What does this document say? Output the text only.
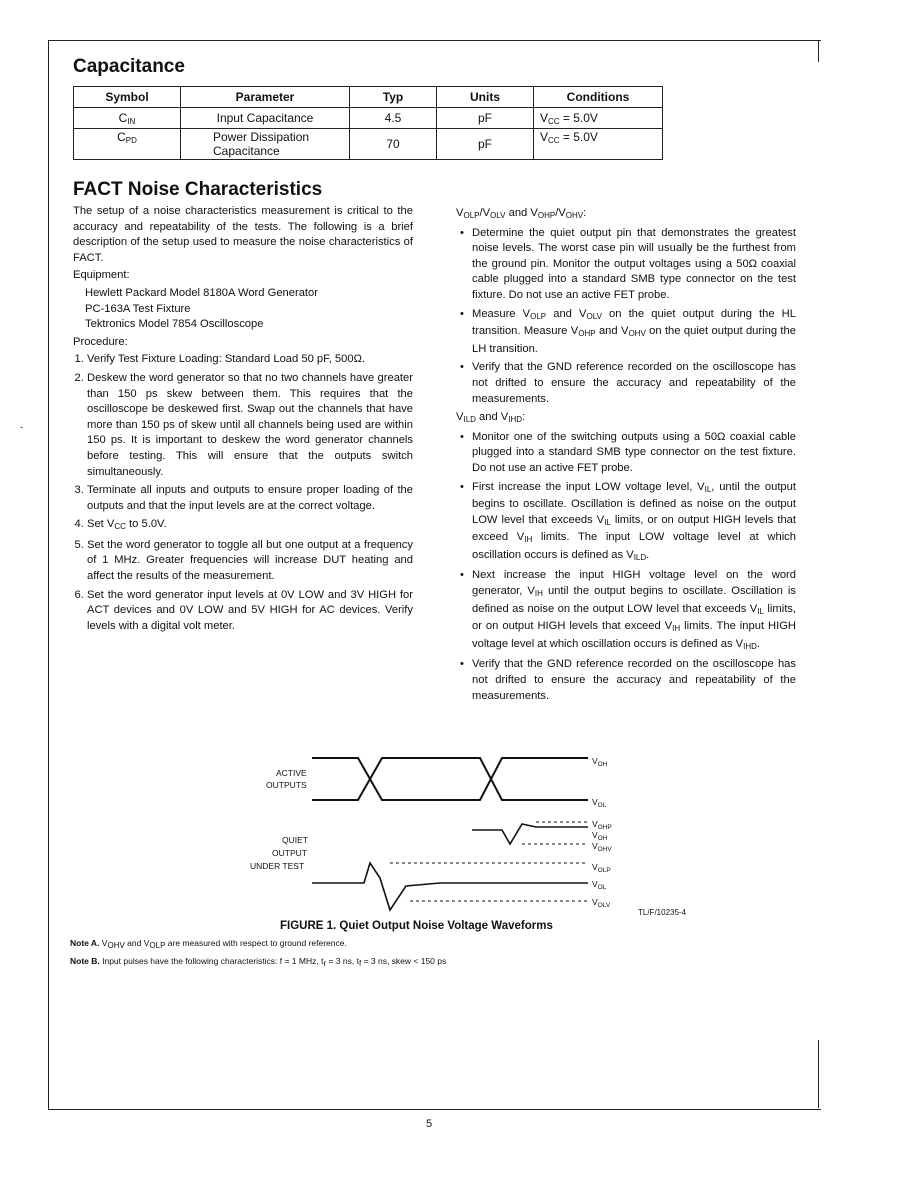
-
Capacitance
Symbol	Parameter	Typ	Units	Conditions
$C_{IN}$	Input Capacitance	4.5	pF	$V_{CC} = 5.0V$
$C_{PD}$	Power Dissipation
Capacitance	70	pF	$V_{CC} = 5.0V$
FACT Noise Characteristics

The setup of a noise characteristics measurement is critical to the accuracy and repeatability of the tests. The following is a brief description of the setup used to measure the noise characteristics of FACT.

Equipment:

Hewlett Packard Model 8180A Word Generator

PC-163A Test Fixture

Tektronics Model 7854 Oscilloscope

Procedure:

1. Verify Test Fixture Loading: Standard Load 50 pF, 500Ω.
2. Deskew the word generator so that no two channels have greater than 150 ps skew between them. This requires that the oscilloscope be deskewed first. Swap out the channels that have more than 150 ps of skew until all channels being used are within 150 ps. It is important to deskew the word generator channels before testing. This will ensure that the outputs switch simultaneously.
3. Terminate all inputs and outputs to ensure proper loading of the outputs and that the input levels are at the correct voltage.
4. Set $V_{CC}$ to 5.0V.
5. Set the word generator to toggle all but one output at a frequency of 1 MHz. Greater frequencies will increase DUT heating and affect the results of the measurement.
6. Set the word generator input levels at 0V LOW and 3V HIGH for ACT devices and 0V LOW and 5V HIGH for AC devices. Verify levels with a digital volt meter.

$V_{OLP}/V_{OLV}$ and $V_{OHP}/V_{OHV}$:

• Determine the quiet output pin that demonstrates the greatest noise levels. The worst case pin will usually be the furthest from the ground pin. Monitor the output voltages using a 50Ω coaxial cable plugged into a standard SMB type connector on the test fixture. Do not use an active FET probe.
• Measure $V_{OLP}$ and $V_{OLV}$ on the quiet output during the HL transition. Measure $V_{OHP}$ and $V_{OHV}$ on the quiet output during the LH transition.
• Verify that the GND reference recorded on the oscilloscope has not drifted to ensure the accuracy and repeatability of the measurements.

$V_{ILD}$ and $V_{IHD}$:

• Monitor one of the switching outputs using a 50Ω coaxial cable plugged into a standard SMB type connector on the test fixture. Do not use an active FET probe.
• First increase the input LOW voltage level, $V_{IL}$, until the output begins to oscillate. Oscillation is defined as noise on the output LOW level that exceeds $V_{IL}$ limits, or on output HIGH levels that exceed $V_{IH}$ limits. The input LOW voltage level at which oscillation occurs is defined as $V_{ILD}$.
• Next increase the input HIGH voltage level on the word generator, $V_{IH}$ until the output begins to oscillate. Oscillation is defined as noise on the output LOW level that exceeds $V_{IL}$ limits, or on output HIGH levels that exceed $V_{IH}$ limits. The input HIGH voltage level at which oscillation occurs is defined as $V_{IHD}$.
• Verify that the GND reference recorded on the oscilloscope has not drifted to ensure the accuracy and repeatability of the measurements.
ACTIVE
OUTPUTS
QUIET
OUTPUT
UNDER TEST
$V_{OH}$
$V_{OL}$
$V_{OHP}$
$V_{OH}$
$V_{OHV}$
$V_{OLP}$
$V_{OL}$
$V_{OLV}$
TL/F/10235-4
FIGURE 1. Quiet Output Noise Voltage Waveforms
Note A. $V_{OHV}$ and $V_{OLP}$ are measured with respect to ground reference.
Note B. Input pulses have the following characteristics: f = 1 MHz, $t_r = 3$ ns, $t_f = 3$ ns, skew < 150 ps
5
